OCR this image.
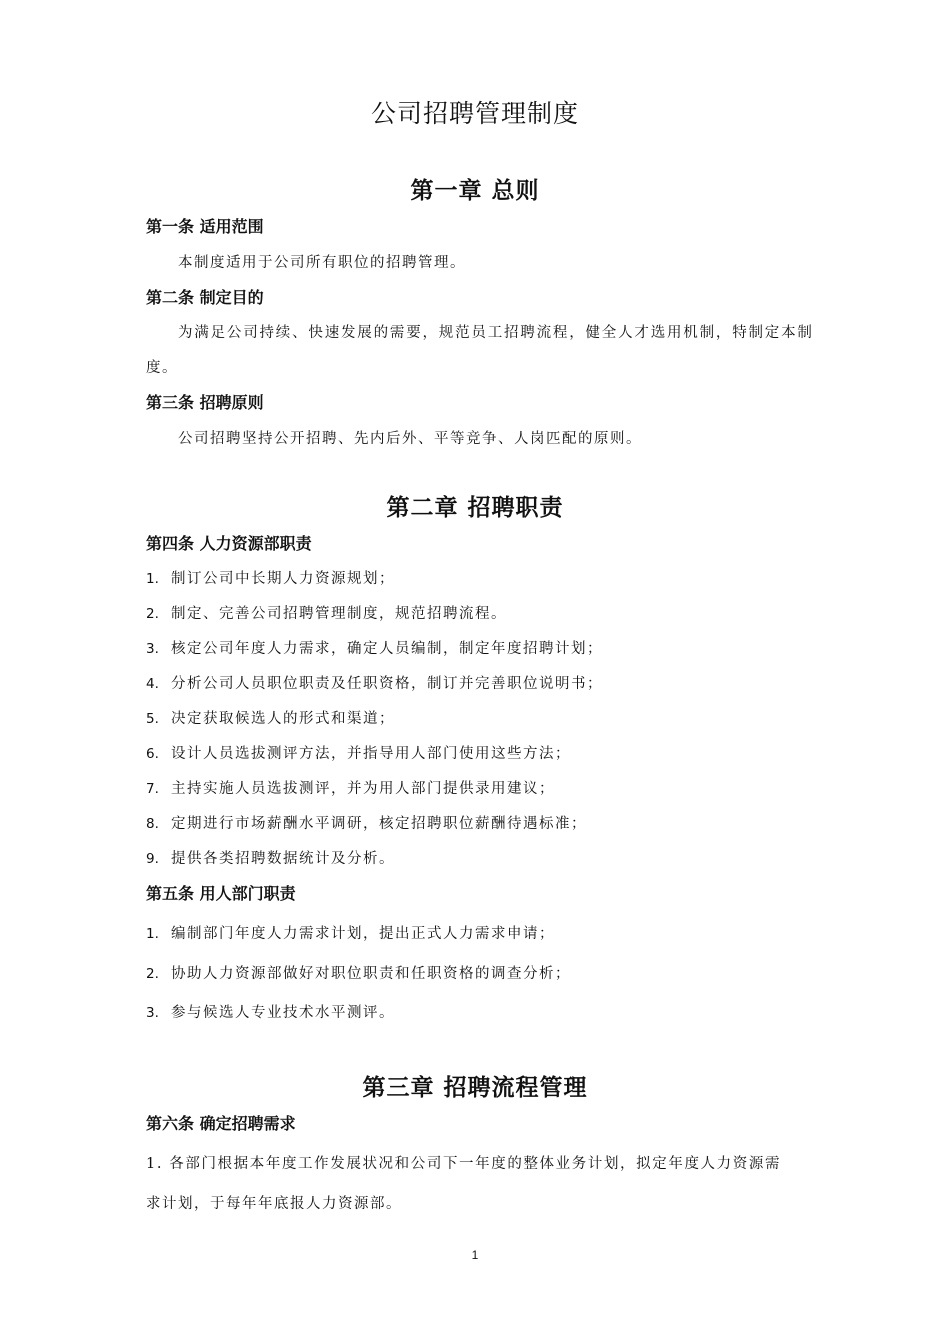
公司招聘管理制度
第一章 总则
第一条 适用范围
本制度适用于公司所有职位的招聘管理。
第二条 制定目的
为满足公司持续、快速发展的需要，规范员工招聘流程，健全人才选用机制，特制定本制
度。
第三条 招聘原则
公司招聘坚持公开招聘、先内后外、平等竞争、人岗匹配的原则。
第二章 招聘职责
第四条 人力资源部职责
1. 制订公司中长期人力资源规划；
2. 制定、完善公司招聘管理制度，规范招聘流程。
3. 核定公司年度人力需求，确定人员编制，制定年度招聘计划；
4. 分析公司人员职位职责及任职资格，制订并完善职位说明书；
5. 决定获取候选人的形式和渠道；
6. 设计人员选拔测评方法，并指导用人部门使用这些方法；
7. 主持实施人员选拔测评，并为用人部门提供录用建议；
8. 定期进行市场薪酬水平调研，核定招聘职位薪酬待遇标准；
9. 提供各类招聘数据统计及分析。
第五条 用人部门职责
1. 编制部门年度人力需求计划，提出正式人力需求申请；
2. 协助人力资源部做好对职位职责和任职资格的调查分析；
3. 参与候选人专业技术水平测评。
第三章 招聘流程管理
第六条 确定招聘需求
1. 各部门根据本年度工作发展状况和公司下一年度的整体业务计划，拟定年度人力资源需
求计划，于每年年底报人力资源部。
1
